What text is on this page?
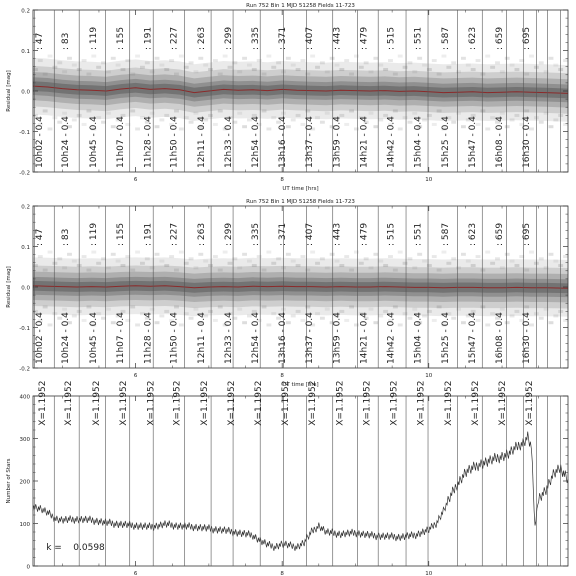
-0.2
-0.1
0.0
0.1
0.2
6	8	10
Run 752 Bin 1 MJD 51258 Fields 11-723
UT time [hrs]
Residual [mag]
10h02 - 0.4
: 47
10h24 - 0.4
: 83
10h45 - 0.4
: 119
11h07 - 0.4
: 155
11h28 - 0.4
: 191
11h50 - 0.4
: 227
12h11 - 0.4
: 263
12h33 - 0.4
: 299
12h54 - 0.4
: 335
13h16 - 0.4
: 371
13h37 - 0.4
: 407
13h59 - 0.4
: 443
14h21 - 0.4
: 479
14h42 - 0.4
: 515
15h04 - 0.4
: 551
15h25 - 0.4
: 587
15h47 - 0.4
: 623
16h08 - 0.4
: 659
16h30 - 0.4
: 695
-0.2
-0.1
0.0
0.1
0.2
6	8	10
Run 752 Bin 1 MJD 51258 Fields 11-723
UT time [hrs]
Residual [mag]
10h02 - 0.4
: 47
10h24 - 0.4
: 83
10h45 - 0.4
: 119
11h07 - 0.4
: 155
11h28 - 0.4
: 191
11h50 - 0.4
: 227
12h11 - 0.4
: 263
12h33 - 0.4
: 299
12h54 - 0.4
: 335
13h16 - 0.4
: 371
13h37 - 0.4
: 407
13h59 - 0.4
: 443
14h21 - 0.4
: 479
14h42 - 0.4
: 515
15h04 - 0.4
: 551
15h25 - 0.4
: 587
15h47 - 0.4
: 623
16h08 - 0.4
: 659
16h30 - 0.4
: 695
0
100
200
300
400
6	8	10
Number of Stars
X=1.1952 X=1.1952 X=1.1952 X=1.1952 X=1.1952 X=1.1952 X=1.1952 X=1.1952 X=1.1952 X=1.1952 X=1.1952 X=1.1952 X=1.1952 X=1.1952 X=1.1952 X=1.1952 X=1.1952 X=1.1952 X=1.1952
k = 0.0598
